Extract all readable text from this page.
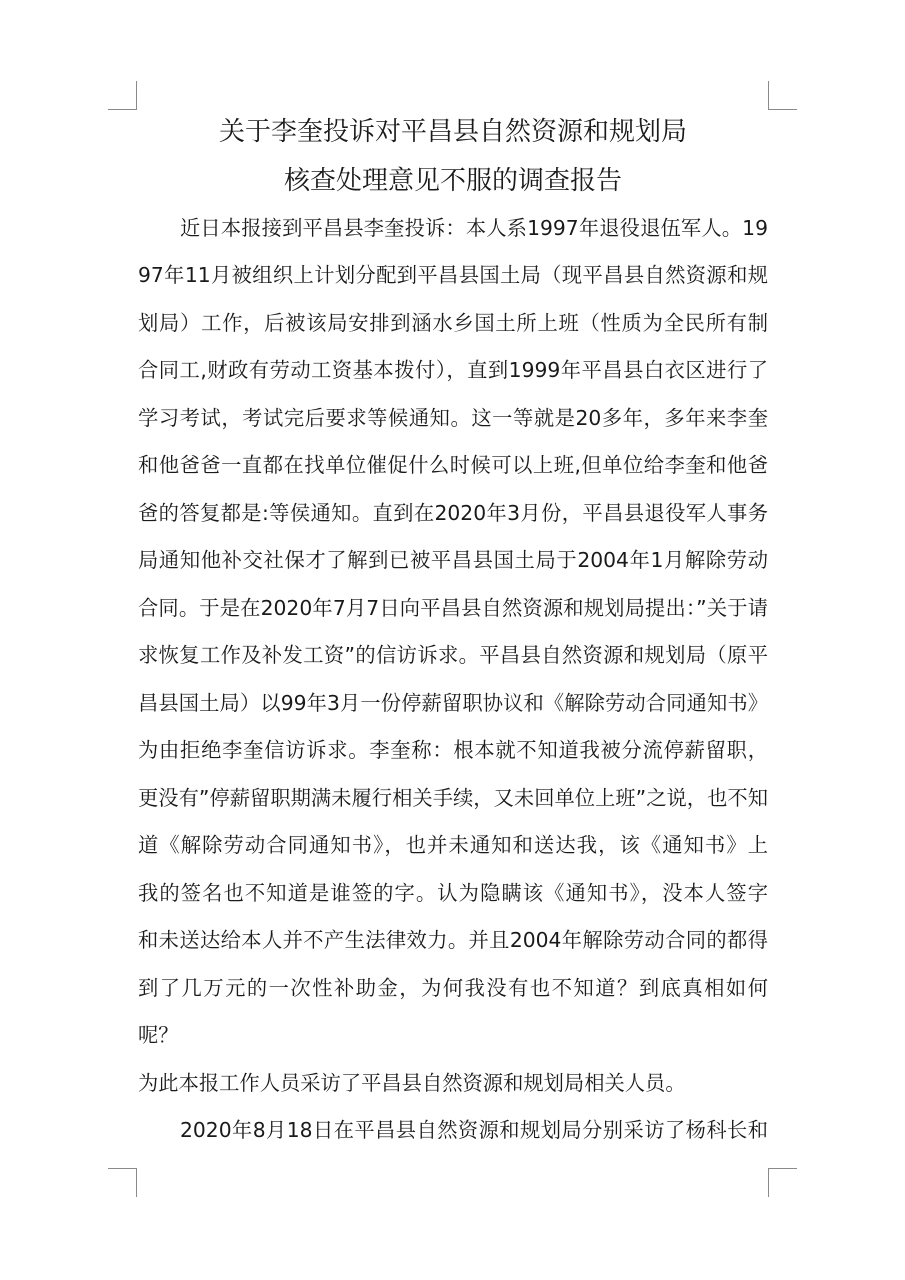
关于李奎投诉对平昌县自然资源和规划局
核查处理意见不服的调查报告
近日本报接到平昌县李奎投诉：本人系1997年退役退伍军人。19
97年11月被组织上计划分配到平昌县国土局（现平昌县自然资源和规
划局）工作，后被该局安排到涵水乡国土所上班（性质为全民所有制
合同工,财政有劳动工资基本拨付），直到1999年平昌县白衣区进行了
学习考试，考试完后要求等候通知。这一等就是20多年，多年来李奎
和他爸爸一直都在找单位催促什么时候可以上班,但单位给李奎和他爸
爸的答复都是:等侯通知。直到在2020年3月份，平昌县退役军人事务
局通知他补交社保才了解到已被平昌县国土局于2004年1月解除劳动
合同。于是在2020年7月7日向平昌县自然资源和规划局提出：”关于请
求恢复工作及补发工资”的信访诉求。平昌县自然资源和规划局（原平
昌县国土局）以99年3月一份停薪留职协议和《解除劳动合同通知书》
为由拒绝李奎信访诉求。李奎称：根本就不知道我被分流停薪留职，
更没有”停薪留职期满未履行相关手续，又未回单位上班”之说，也不知
道《解除劳动合同通知书》，也并未通知和送达我，该《通知书》上
我的签名也不知道是谁签的字。认为隐瞒该《通知书》，没本人签字
和未送达给本人并不产生法律效力。并且2004年解除劳动合同的都得
到了几万元的一次性补助金，为何我没有也不知道？到底真相如何
呢？
为此本报工作人员采访了平昌县自然资源和规划局相关人员。
2020年8月18日在平昌县自然资源和规划局分别采访了杨科长和
